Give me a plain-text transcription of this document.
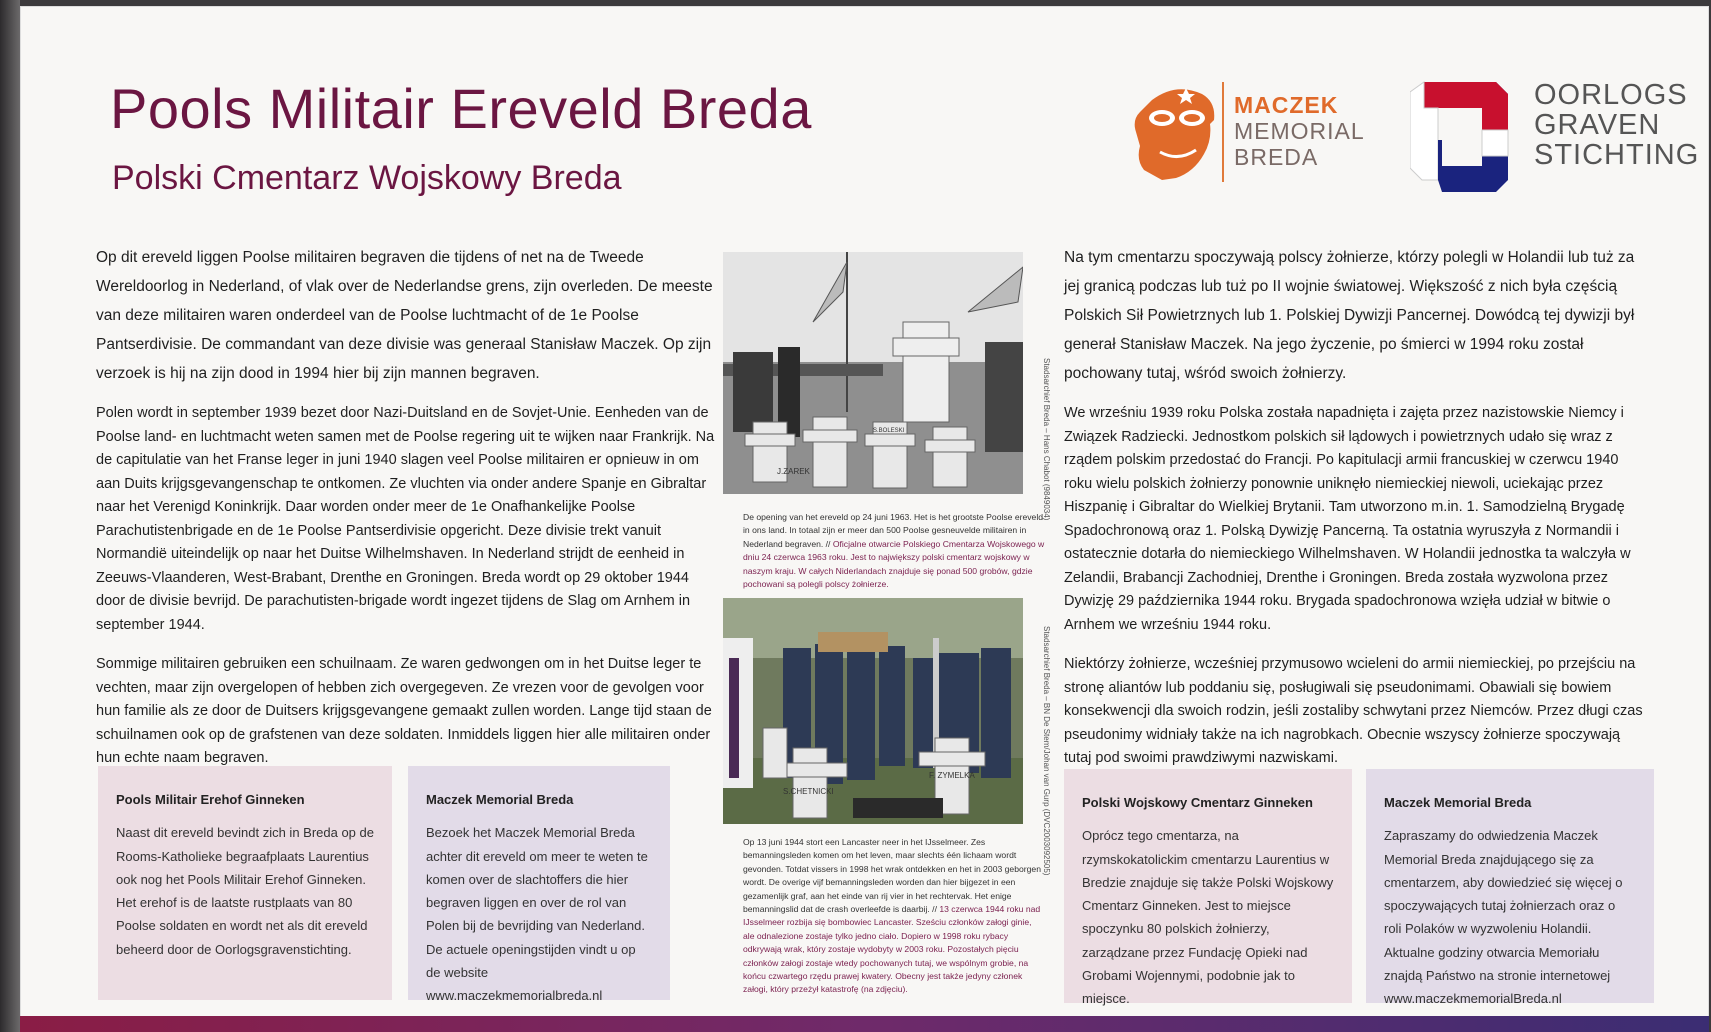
Pools Militair Ereveld Breda
Polski Cmentarz Wojskowy Breda
MACZEK
MEMORIAL
BREDA
OORLOGS
GRAVEN
STICHTING

Op dit ereveld liggen Poolse militairen begraven die tijdens of net na de Tweede Wereldoorlog in Nederland, of vlak over de Nederlandse grens, zijn overleden. De meeste van deze militairen waren onderdeel van de Poolse luchtmacht of de 1e Poolse Pantserdivisie. De commandant van deze divisie was generaal Stanisław Maczek. Op zijn verzoek is hij na zijn dood in 1994 hier bij zijn mannen begraven.

Polen wordt in september 1939 bezet door Nazi-Duitsland en de Sovjet-Unie. Eenheden van de Poolse land- en luchtmacht weten samen met de Poolse regering uit te wijken naar Frankrijk. Na de capitulatie van het Franse leger in juni 1940 slagen veel Poolse militairen er opnieuw in om aan Duits krijgsgevangenschap te ontkomen. Ze vluchten via onder andere Spanje en Gibraltar naar het Verenigd Koninkrijk. Daar worden onder meer de 1e Onafhankelijke Poolse Parachutistenbrigade en de 1e Poolse Pantserdivisie opgericht. Deze divisie trekt vanuit Normandië uiteindelijk op naar het Duitse Wilhelmshaven. In Nederland strijdt de eenheid in Zeeuws-Vlaanderen, West-Brabant, Drenthe en Groningen. Breda wordt op 29 oktober 1944 door de divisie bevrijd. De parachutisten-brigade wordt ingezet tijdens de Slag om Arnhem in september 1944.

Sommige militairen gebruiken een schuilnaam. Ze waren gedwongen om in het Duitse leger te vechten, maar zijn overgelopen of hebben zich overgegeven. Ze vrezen voor de gevolgen voor hun familie als ze door de Duitsers krijgsgevangene gemaakt zullen worden. Lange tijd staan de schuilnamen ook op de grafstenen van deze soldaten. Inmiddels liggen hier alle militairen onder hun echte naam begraven.

Pools Militair Erehof Ginneken
Naast dit ereveld bevindt zich in Breda op de Rooms-Katholieke begraafplaats Laurentius ook nog het Pools Militair Erehof Ginneken. Het erehof is de laatste rustplaats van 80 Poolse soldaten en wordt net als dit ereveld beheerd door de Oorlogsgravenstichting.
Maczek Memorial Breda
Bezoek het Maczek Memorial Breda achter dit ereveld om meer te weten te komen over de slachtoffers die hier begraven liggen en over de rol van Polen bij de bevrijding van Nederland. De actuele openingstijden vindt u op de website www.maczekmemorialbreda.nl
J.ZAREK
S.BOLESKI	Stadsarchief Breda – Hans Chabot (9849034)
De opening van het ereveld op 24 juni 1963. Het is het grootste Poolse ereveld in ons land. In totaal zijn er meer dan 500 Poolse gesneuvelde militairen in Nederland begraven. // Oficjalne otwarcie Polskiego Cmentarza Wojskowego w dniu 24 czerwca 1963 roku. Jest to największy polski cmentarz wojskowy w naszym kraju. W całych Niderlandach znajduje się ponad 500 grobów, gdzie pochowani są polegli polscy żołnierze.
S.CHETNICKI
F. ZYMELKA	Stadsarchief Breda – BN De Stem/Johan van Gurp (DVC2003092505)
Op 13 juni 1944 stort een Lancaster neer in het IJsselmeer. Zes bemanningsleden komen om het leven, maar slechts één lichaam wordt gevonden. Totdat vissers in 1998 het wrak ontdekken en het in 2003 geborgen wordt. De overige vijf bemanningsleden worden dan hier bijgezet in een gezamenlijk graf, aan het einde van rij vier in het rechtervak. Het enige bemanningslid dat de crash overleefde is daarbij. // 13 czerwca 1944 roku nad IJsselmeer rozbija się bombowiec Lancaster. Sześciu członków załogi ginie, ale odnalezione zostaje tylko jedno ciało. Dopiero w 1998 roku rybacy odkrywają wrak, który zostaje wydobyty w 2003 roku. Pozostałych pięciu członków załogi zostaje wtedy pochowanych tutaj, we wspólnym grobie, na końcu czwartego rzędu prawej kwatery. Obecny jest także jedyny członek załogi, który przeżył katastrofę (na zdjęciu).

Na tym cmentarzu spoczywają polscy żołnierze, którzy polegli w Holandii lub tuż za jej granicą podczas lub tuż po II wojnie światowej. Większość z nich była częścią Polskich Sił Powietrznych lub 1. Polskiej Dywizji Pancernej. Dowódcą tej dywizji był generał Stanisław Maczek. Na jego życzenie, po śmierci w 1994 roku został pochowany tutaj, wśród swoich żołnierzy.

We wrześniu 1939 roku Polska została napadnięta i zajęta przez nazistowskie Niemcy i Związek Radziecki. Jednostkom polskich sił lądowych i powietrznych udało się wraz z rządem polskim przedostać do Francji. Po kapitulacji armii francuskiej w czerwcu 1940 roku wielu polskich żołnierzy ponownie uniknęło niemieckiej niewoli, uciekając przez Hiszpanię i Gibraltar do Wielkiej Brytanii. Tam utworzono m.in. 1. Samodzielną Brygadę Spadochronową oraz 1. Polską Dywizję Pancerną. Ta ostatnia wyruszyła z Normandii i ostatecznie dotarła do niemieckiego Wilhelmshaven. W Holandii jednostka ta walczyła w Zelandii, Brabancji Zachodniej, Drenthe i Groningen. Breda została wyzwolona przez Dywizję 29 października 1944 roku. Brygada spadochronowa wzięła udział w bitwie o Arnhem we wrześniu 1944 roku.

Niektórzy żołnierze, wcześniej przymusowo wcieleni do armii niemieckiej, po przejściu na stronę aliantów lub poddaniu się, posługiwali się pseudonimami. Obawiali się bowiem konsekwencji dla swoich rodzin, jeśli zostaliby schwytani przez Niemców. Przez długi czas pseudonimy widniały także na ich nagrobkach. Obecnie wszyscy żołnierze spoczywają tutaj pod swoimi prawdziwymi nazwiskami.

Polski Wojskowy Cmentarz Ginneken
Oprócz tego cmentarza, na rzymskokatolickim cmentarzu Laurentius w Bredzie znajduje się także Polski Wojskowy Cmentarz Ginneken. Jest to miejsce spoczynku 80 polskich żołnierzy, zarządzane przez Fundację Opieki nad Grobami Wojennymi, podobnie jak to miejsce.
Maczek Memorial Breda
Zapraszamy do odwiedzenia Maczek Memorial Breda znajdującego się za cmentarzem, aby dowiedzieć się więcej o spoczywających tutaj żołnierzach oraz o roli Polaków w wyzwoleniu Holandii. Aktualne godziny otwarcia Memoriału znajdą Państwo na stronie internetowej www.maczekmemorialBreda.nl
